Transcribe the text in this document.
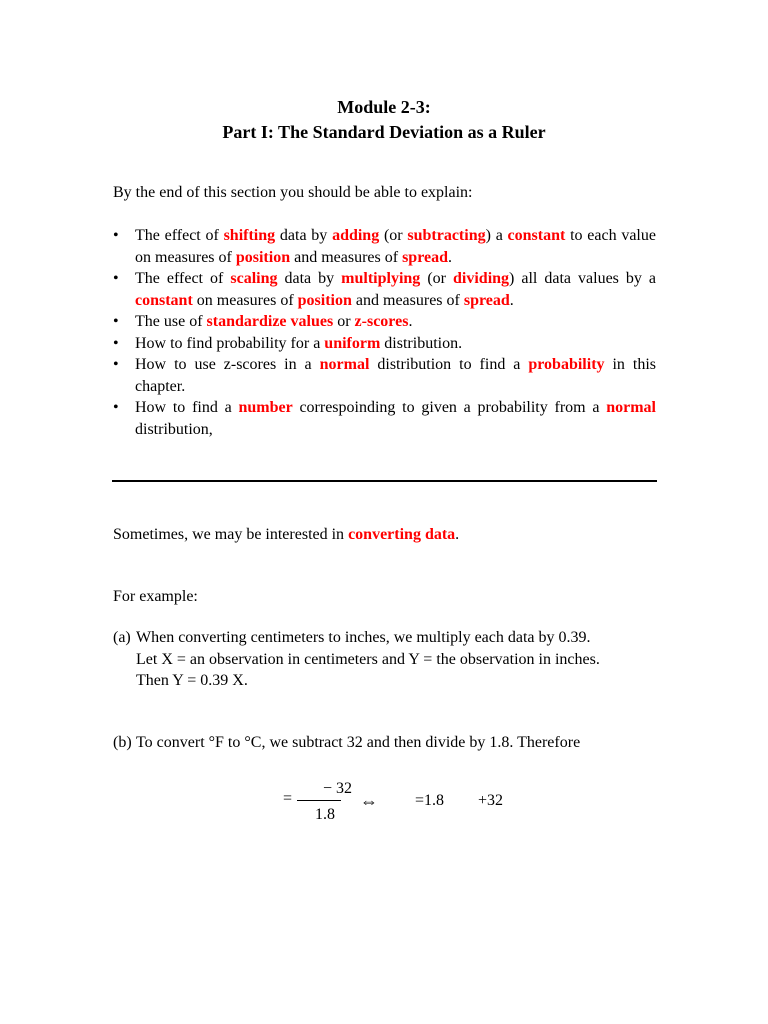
Module 2-3:
Part I: The Standard Deviation as a Ruler
By the end of this section you should be able to explain:
• The effect of shifting data by adding (or subtracting) a constant to each value on measures of position and measures of spread.
• The effect of scaling data by multiplying (or dividing) all data values by a constant on measures of position and measures of spread.
• The use of standardize values or z-scores.
• How to find probability for a uniform distribution.
• How to use z-scores in a normal distribution to find a probability in this chapter.
• How to find a number correspoinding to given a probability from a normal distribution,
Sometimes, we may be interested in converting data.
For example:
(a) When converting centimeters to inches, we multiply each data by 0.39.
Let X = an observation in centimeters and Y = the observation in inches.
Then Y = 0.39 X.
(b) To convert °F to °C, we subtract 32 and then divide by 1.8. Therefore
=
− 32
1.8
⇔ =1.8 +32
